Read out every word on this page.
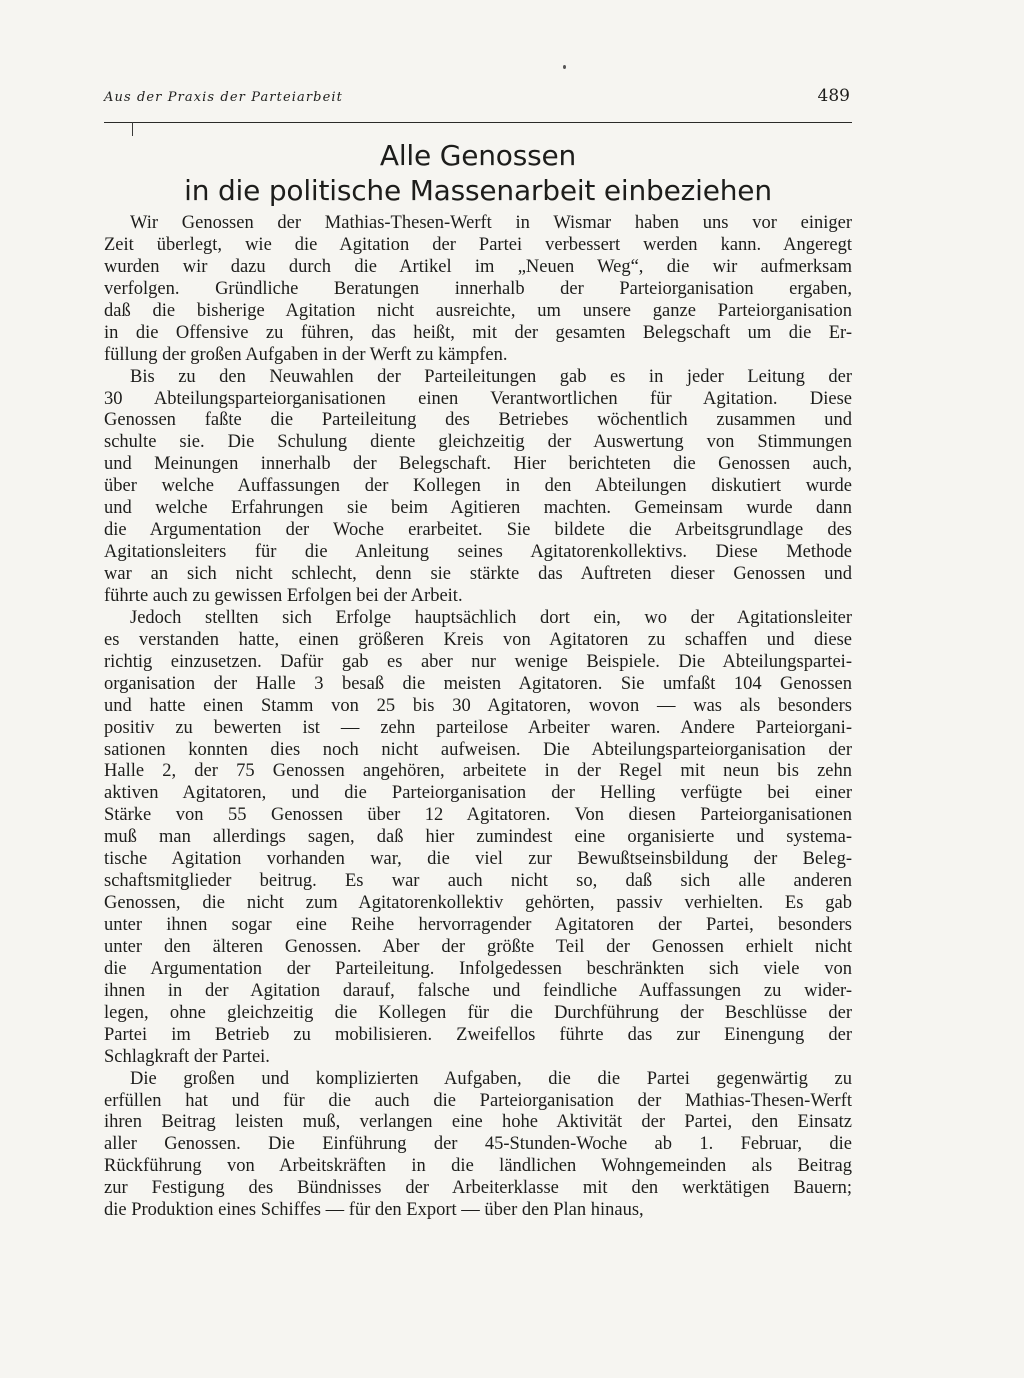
Aus der Praxis der Parteiarbeit	489
Alle Genossen
in die politische Massenarbeit einbeziehen
Wir Genossen der Mathias-Thesen-Werft in Wismar haben uns vor einiger
Zeit überlegt, wie die Agitation der Partei verbessert werden kann. Angeregt
wurden wir dazu durch die Artikel im „Neuen Weg“, die wir aufmerksam
verfolgen. Gründliche Beratungen innerhalb der Parteiorganisation ergaben,
daß die bisherige Agitation nicht ausreichte, um unsere ganze Parteiorganisation
in die Offensive zu führen, das heißt, mit der gesamten Belegschaft um die Er-
füllung der großen Aufgaben in der Werft zu kämpfen.
Bis zu den Neuwahlen der Parteileitungen gab es in jeder Leitung der
30 Abteilungsparteiorganisationen einen Verantwortlichen für Agitation. Diese
Genossen faßte die Parteileitung des Betriebes wöchentlich zusammen und
schulte sie. Die Schulung diente gleichzeitig der Auswertung von Stimmungen
und Meinungen innerhalb der Belegschaft. Hier berichteten die Genossen auch,
über welche Auffassungen der Kollegen in den Abteilungen diskutiert wurde
und welche Erfahrungen sie beim Agitieren machten. Gemeinsam wurde dann
die Argumentation der Woche erarbeitet. Sie bildete die Arbeitsgrundlage des
Agitationsleiters für die Anleitung seines Agitatorenkollektivs. Diese Methode
war an sich nicht schlecht, denn sie stärkte das Auftreten dieser Genossen und
führte auch zu gewissen Erfolgen bei der Arbeit.
Jedoch stellten sich Erfolge hauptsächlich dort ein, wo der Agitationsleiter
es verstanden hatte, einen größeren Kreis von Agitatoren zu schaffen und diese
richtig einzusetzen. Dafür gab es aber nur wenige Beispiele. Die Abteilungspartei-
organisation der Halle 3 besaß die meisten Agitatoren. Sie umfaßt 104 Genossen
und hatte einen Stamm von 25 bis 30 Agitatoren, wovon — was als besonders
positiv zu bewerten ist — zehn parteilose Arbeiter waren. Andere Parteiorgani-
sationen konnten dies noch nicht aufweisen. Die Abteilungsparteiorganisation der
Halle 2, der 75 Genossen angehören, arbeitete in der Regel mit neun bis zehn
aktiven Agitatoren, und die Parteiorganisation der Helling verfügte bei einer
Stärke von 55 Genossen über 12 Agitatoren. Von diesen Parteiorganisationen
muß man allerdings sagen, daß hier zumindest eine organisierte und systema-
tische Agitation vorhanden war, die viel zur Bewußtseinsbildung der Beleg-
schaftsmitglieder beitrug. Es war auch nicht so, daß sich alle anderen
Genossen, die nicht zum Agitatorenkollektiv gehörten, passiv verhielten. Es gab
unter ihnen sogar eine Reihe hervorragender Agitatoren der Partei, besonders
unter den älteren Genossen. Aber der größte Teil der Genossen erhielt nicht
die Argumentation der Parteileitung. Infolgedessen beschränkten sich viele von
ihnen in der Agitation darauf, falsche und feindliche Auffassungen zu wider-
legen, ohne gleichzeitig die Kollegen für die Durchführung der Beschlüsse der
Partei im Betrieb zu mobilisieren. Zweifellos führte das zur Einengung der
Schlagkraft der Partei.
Die großen und komplizierten Aufgaben, die die Partei gegenwärtig zu
erfüllen hat und für die auch die Parteiorganisation der Mathias-Thesen-Werft
ihren Beitrag leisten muß, verlangen eine hohe Aktivität der Partei, den Einsatz
aller Genossen. Die Einführung der 45-Stunden-Woche ab 1. Februar, die
Rückführung von Arbeitskräften in die ländlichen Wohngemeinden als Beitrag
zur Festigung des Bündnisses der Arbeiterklasse mit den werktätigen Bauern;
die Produktion eines Schiffes — für den Export — über den Plan hinaus,
